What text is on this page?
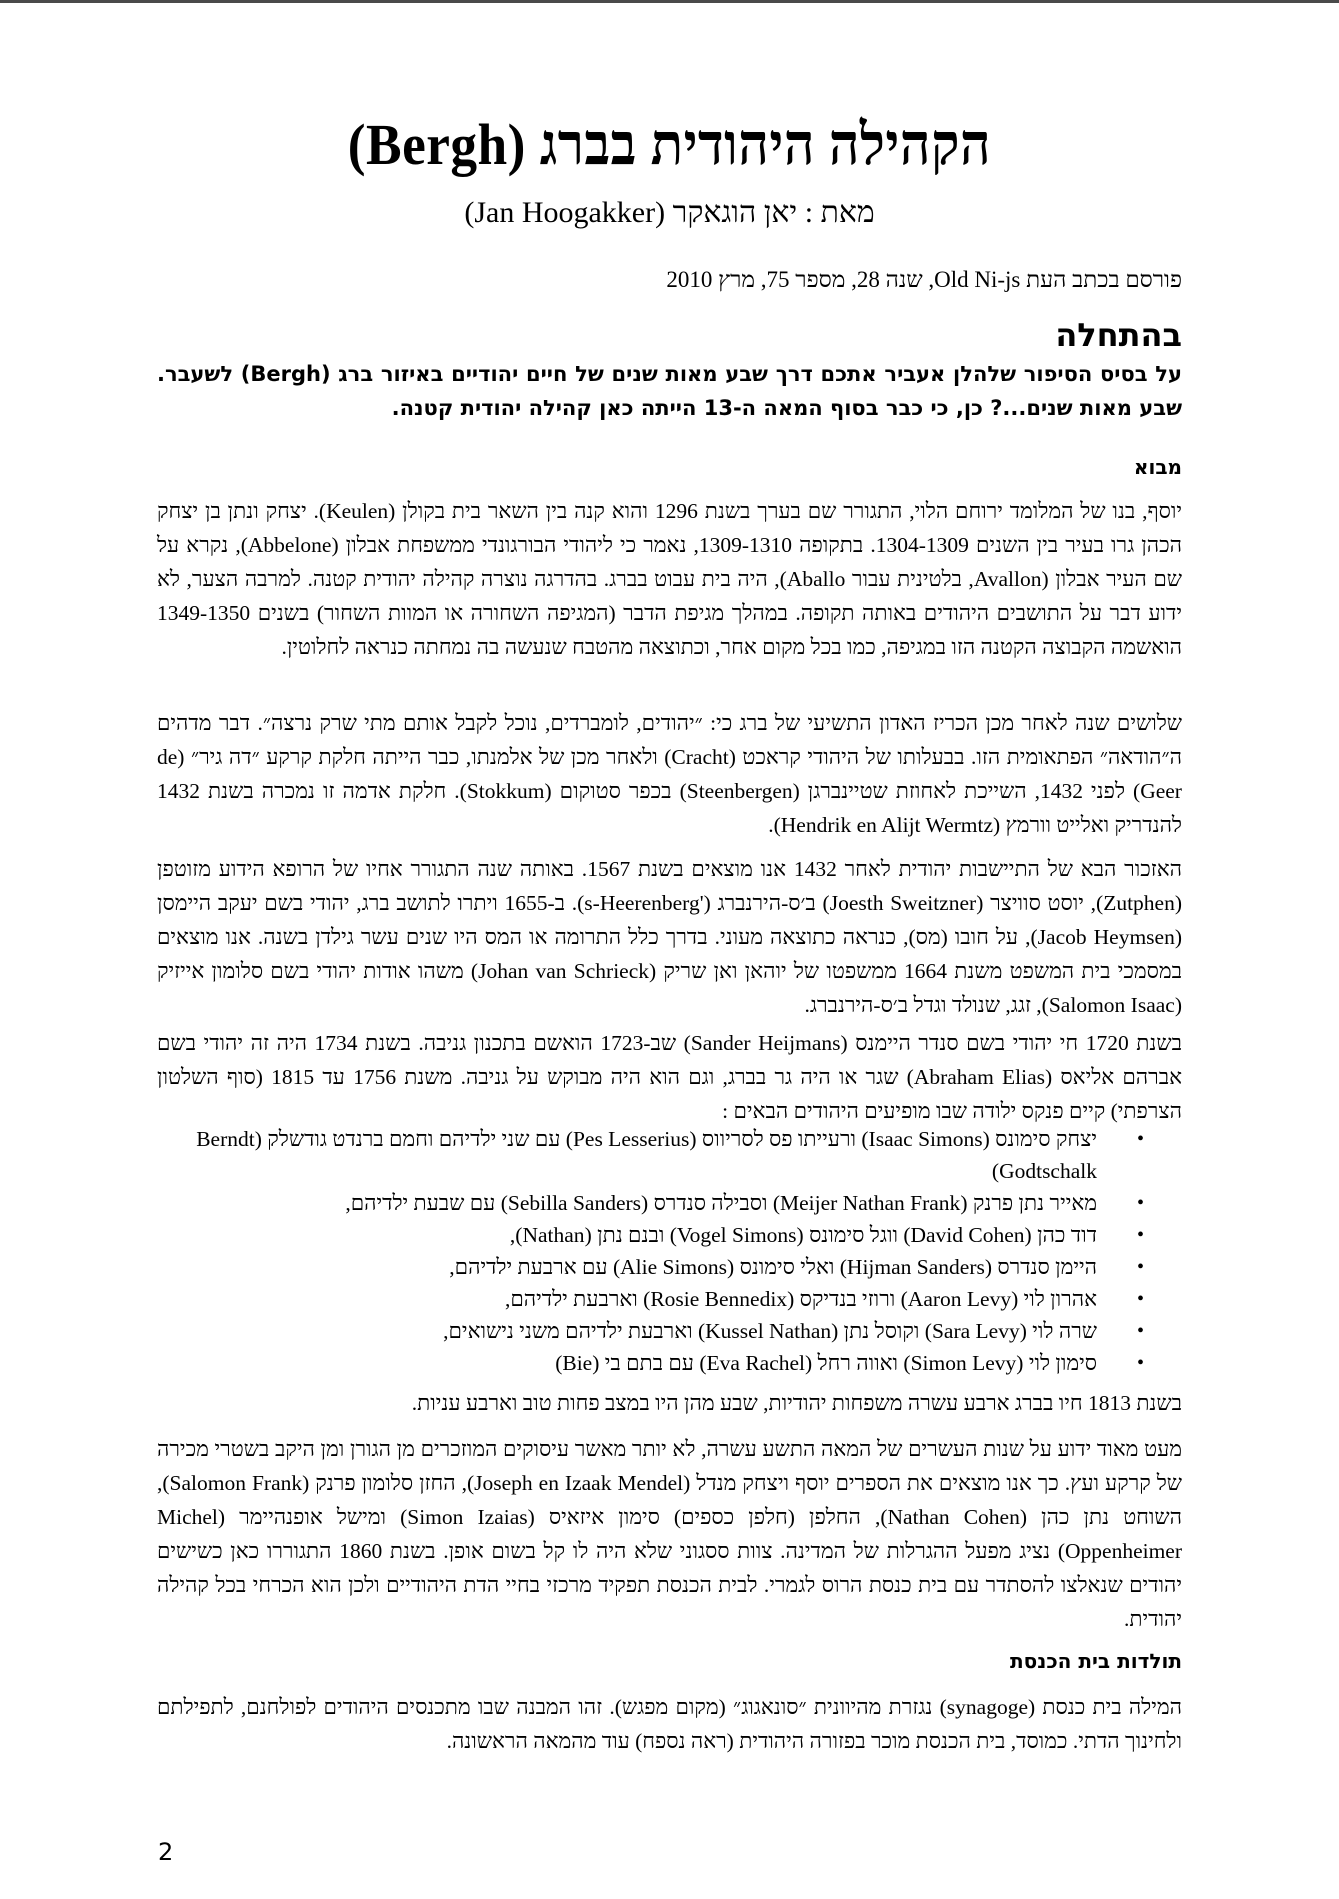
הקהילה היהודית בברג (Bergh)
מאת : יאן הוגאקר (Jan Hoogakker)
פורסם בכתב העת Old Ni-js, שנה 28, מספר 75, מרץ 2010
בהתחלה
על בסיס הסיפור שלהלן אעביר אתכם דרך שבע מאות שנים של חיים יהודיים באיזור ברג (Bergh) לשעבר. שבע מאות שנים...? כן, כי כבר בסוף המאה ה-13 הייתה כאן קהילה יהודית קטנה.
מבוא
יוסף, בנו של המלומד ירוחם הלוי, התגורר שם בערך בשנת 1296 והוא קנה בין השאר בית בקולן (Keulen). יצחק ונתן בן יצחק הכהן גרו בעיר בין השנים 1304-1309. בתקופה 1309-1310, נאמר כי ליהודי הבורגונדי ממשפחת אבלון (Abbelone), נקרא על שם העיר אבלון (Avallon, בלטינית עבור Aballo), היה בית עבוט בברג. בהדרגה נוצרה קהילה יהודית קטנה. למרבה הצער, לא ידוע דבר על התושבים היהודים באותה תקופה. במהלך מגיפת הדבר (המגיפה השחורה או המוות השחור) בשנים 1349-1350 הואשמה הקבוצה הקטנה הזו במגיפה, כמו בכל מקום אחר, וכתוצאה מהטבח שנעשה בה נמחתה כנראה לחלוטין.
שלושים שנה לאחר מכן הכריז האדון התשיעי של ברג כי: ״יהודים, לומברדים, נוכל לקבל אותם מתי שרק נרצה״. דבר מדהים ה״הודאה״ הפתאומית הזו. בבעלותו של היהודי קראכט (Cracht) ולאחר מכן של אלמנתו, כבר הייתה חלקת קרקע ״דה גיר״ (de Geer) לפני 1432, השייכת לאחוזת שטיינברגן (Steenbergen) בכפר סטוקום (Stokkum). חלקת אדמה זו נמכרה בשנת 1432 להנדריק ואלייט וורמץ (Hendrik en Alijt Wermtz).
האזכור הבא של התיישבות יהודית לאחר 1432 אנו מוצאים בשנת 1567. באותה שנה התגורר אחיו של הרופא הידוע מזוטפן (Zutphen), יוסט סוויצר (Joesth Sweitzner) ב׳ס-הירנברג ('s-Heerenberg). ב-1655 ויתרו לתושב ברג, יהודי בשם יעקב היימסן (Jacob Heymsen), על חובו (מס), כנראה כתוצאה מעוני. בדרך כלל התרומה או המס היו שנים עשר גילדן בשנה. אנו מוצאים במסמכי בית המשפט משנת 1664 ממשפטו של יוהאן ואן שריק (Johan van Schrieck) משהו אודות יהודי בשם סלומון אייזיק (Salomon Isaac), זגג, שנולד וגדל ב׳ס-הירנברג.
בשנת 1720 חי יהודי בשם סנדר היימנס (Sander Heijmans) שב-1723 הואשם בתכנון גניבה. בשנת 1734 היה זה יהודי בשם אברהם אליאס (Abraham Elias) שגר או היה גר בברג, וגם הוא היה מבוקש על גניבה. משנת 1756 עד 1815 (סוף השלטון הצרפתי) קיים פנקס ילודה שבו מופיעים היהודים הבאים :
•
יצחק סימונס (Isaac Simons) ורעייתו פס לסריווס (Pes Lesserius) עם שני ילדיהם וחמם ברנדט גודשלק (Berndt Godtschalk)
•
מאייר נתן פרנק (Meijer Nathan Frank) וסבילה סנדרס (Sebilla Sanders) עם שבעת ילדיהם,
•
דוד כהן (David Cohen) ווגל סימונס (Vogel Simons) ובנם נתן (Nathan),
•
היימן סנדרס (Hijman Sanders) ואלי סימונס (Alie Simons) עם ארבעת ילדיהם,
•
אהרון לוי (Aaron Levy) ורוזי בנדיקס (Rosie Bennedix) וארבעת ילדיהם,
•
שרה לוי (Sara Levy) וקוסל נתן (Kussel Nathan) וארבעת ילדיהם משני נישואים,
•
סימון לוי (Simon Levy) ואווה רחל (Eva Rachel) עם בתם בי (Bie)
בשנת 1813 חיו בברג ארבע עשרה משפחות יהודיות, שבע מהן היו במצב פחות טוב וארבע עניות.
מעט מאוד ידוע על שנות העשרים של המאה התשע עשרה, לא יותר מאשר עיסוקים המוזכרים מן הגורן ומן היקב בשטרי מכירה של קרקע ועץ. כך אנו מוצאים את הספרים יוסף ויצחק מנדל (Joseph en Izaak Mendel), החזן סלומון פרנק (Salomon Frank), השוחט נתן כהן (Nathan Cohen), החלפן (חלפן כספים) סימון איזאיס (Simon Izaias) ומישל אופנהיימר (Michel Oppenheimer) נציג מפעל ההגרלות של המדינה. צוות ססגוני שלא היה לו קל בשום אופן. בשנת 1860 התגוררו כאן כשישים יהודים שנאלצו להסתדר עם בית כנסת הרוס לגמרי. לבית הכנסת תפקיד מרכזי בחיי הדת היהודיים ולכן הוא הכרחי בכל קהילה יהודית.
תולדות בית הכנסת
המילה בית כנסת (synagoge) נגזרת מהיוונית ״סונאגוג״ (מקום מפגש). זהו המבנה שבו מתכנסים היהודים לפולחנם, לתפילתם ולחינוך הדתי. כמוסד, בית הכנסת מוכר בפזורה היהודית (ראה נספח) עוד מהמאה הראשונה.
2
